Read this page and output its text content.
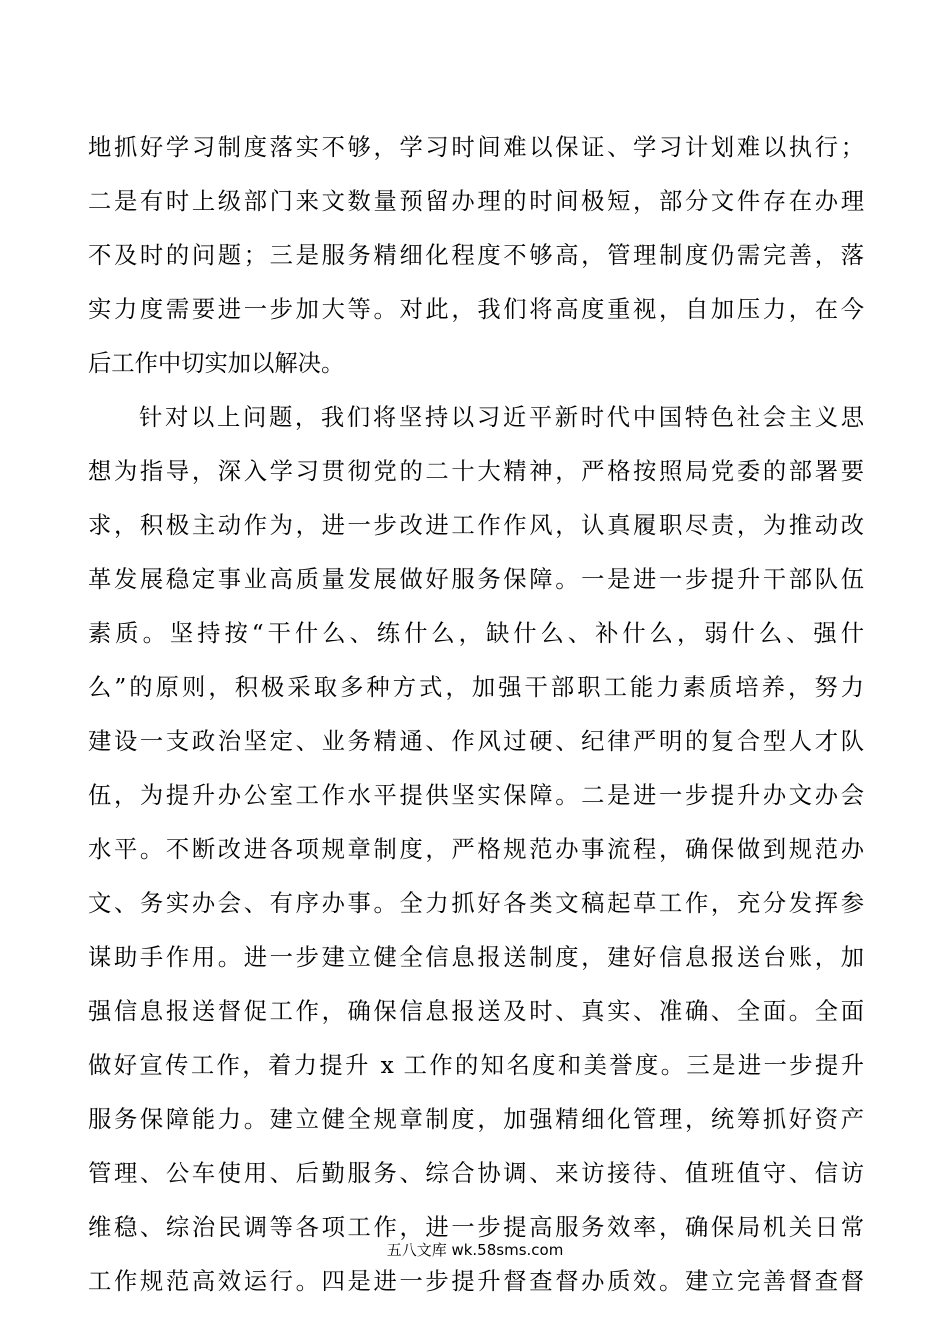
地抓好学习制度落实不够，学习时间难以保证、学习计划难以执行；
二是有时上级部门来文数量预留办理的时间极短，部分文件存在办理
不及时的问题；三是服务精细化程度不够高，管理制度仍需完善，落
实力度需要进一步加大等。对此，我们将高度重视，自加压力，在今
后工作中切实加以解决。
针对以上问题，我们将坚持以习近平新时代中国特色社会主义思
想为指导，深入学习贯彻党的二十大精神，严格按照局党委的部署要
求，积极主动作为，进一步改进工作作风，认真履职尽责，为推动改
革发展稳定事业高质量发展做好服务保障。一是进一步提升干部队伍
素质。坚持按“干什么、练什么，缺什么、补什么，弱什么、强什
么”的原则，积极采取多种方式，加强干部职工能力素质培养，努力
建设一支政治坚定、业务精通、作风过硬、纪律严明的复合型人才队
伍，为提升办公室工作水平提供坚实保障。二是进一步提升办文办会
水平。不断改进各项规章制度，严格规范办事流程，确保做到规范办
文、务实办会、有序办事。全力抓好各类文稿起草工作，充分发挥参
谋助手作用。进一步建立健全信息报送制度，建好信息报送台账，加
强信息报送督促工作，确保信息报送及时、真实、准确、全面。全面
做好宣传工作，着力提升 x 工作的知名度和美誉度。三是进一步提升
服务保障能力。建立健全规章制度，加强精细化管理，统筹抓好资产
管理、公车使用、后勤服务、综合协调、来访接待、值班值守、信访
维稳、综治民调等各项工作，进一步提高服务效率，确保局机关日常
工作规范高效运行。四是进一步提升督查督办质效。建立完善督查督
五八文库 wk.58sms.com
